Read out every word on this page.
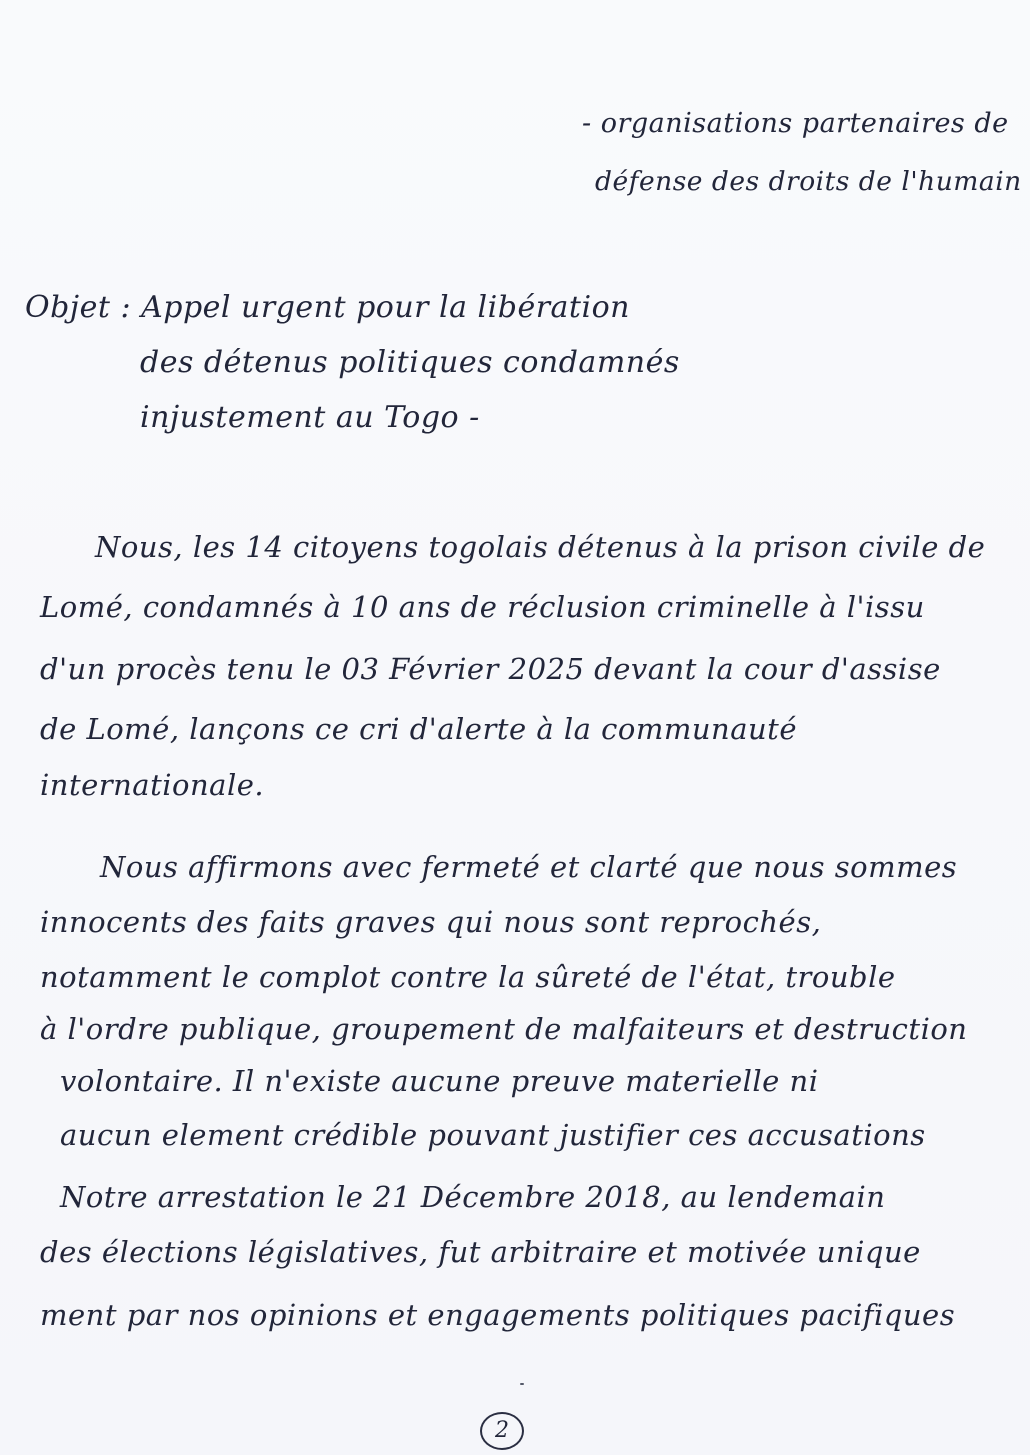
- organisations partenaires de
défense des droits de l'humain
Objet : Appel urgent pour la libération
des détenus politiques condamnés
injustement au Togo -
Nous, les 14 citoyens togolais détenus à la prison civile de
Lomé, condamnés à 10 ans de réclusion criminelle à l'issu
d'un procès tenu le 03 Février 2025 devant la cour d'assise
de Lomé, lançons ce cri d'alerte à la communauté
internationale.
Nous affirmons avec fermeté et clarté que nous sommes
innocents des faits graves qui nous sont reprochés,
notamment le complot contre la sûreté de l'état, trouble
à l'ordre publique, groupement de malfaiteurs et destruction
volontaire. Il n'existe aucune preuve materielle ni
aucun element crédible pouvant justifier ces accusations
Notre arrestation le 21 Décembre 2018, au lendemain
des élections législatives, fut arbitraire et motivée unique
ment par nos opinions et engagements politiques pacifiques
2
